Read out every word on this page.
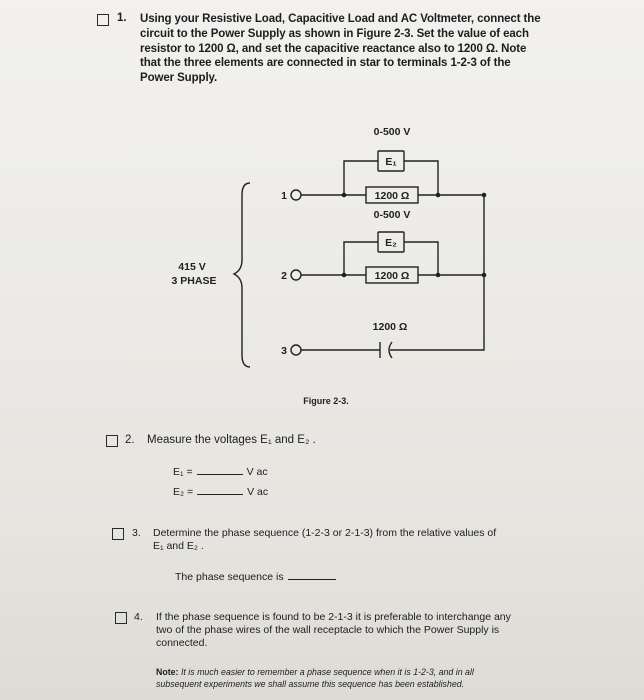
1. Using your Resistive Load, Capacitive Load and AC Voltmeter, connect the
circuit to the Power Supply as shown in Figure 2-3. Set the value of each
resistor to 1200 Ω, and set the capacitive reactance also to 1200 Ω. Note
that the three elements are connected in star to terminals 1-2-3 of the
Power Supply.
415 V
3 PHASE
1
2
3
0-500 V
E₁
1200 Ω
0-500 V
E₂
1200 Ω
1200 Ω
Figure 2-3.
2. Measure the voltages E₁ and E₂ .
E₁ =	V ac
E₂ =	V ac
3. Determine the phase sequence (1-2-3 or 2-1-3) from the relative values of
E₁ and E₂ .
The phase sequence is
4. If the phase sequence is found to be 2-1-3 it is preferable to interchange any
two of the phase wires of the wall receptacle to which the Power Supply is
connected.
Note: It is much easier to remember a phase sequence when it is 1-2-3, and in all
subsequent experiments we shall assume this sequence has been established.
